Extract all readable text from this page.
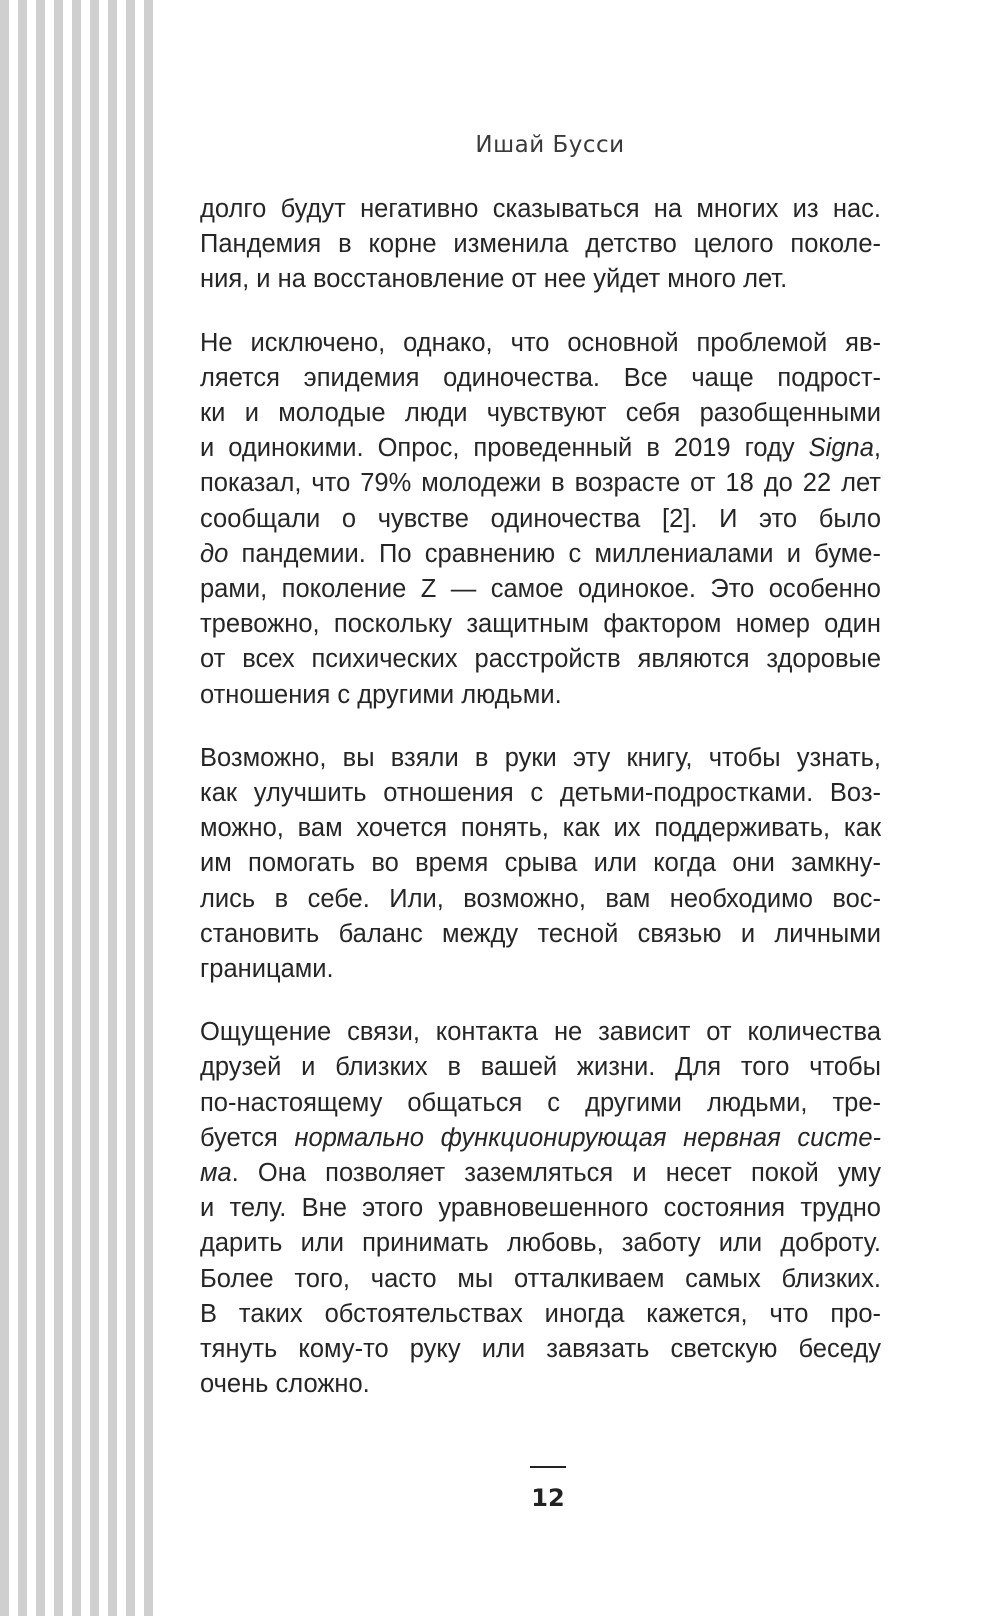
Ишай Бусси
долго будут негативно сказываться на многих из нас.
Пандемия в корне изменила детство целого поколе-
ния, и на восстановление от нее уйдет много лет.
Не исключено, однако, что основной проблемой яв-
ляется эпидемия одиночества. Все чаще подрост-
ки и молодые люди чувствуют себя разобщенными
и одинокими. Опрос, проведенный в 2019 году Signa,
показал, что 79% молодежи в возрасте от 18 до 22 лет
сообщали о чувстве одиночества [2]. И это было
до пандемии. По сравнению с миллениалами и буме-
рами, поколение Z — самое одинокое. Это особенно
тревожно, поскольку защитным фактором номер один
от всех психических расстройств являются здоровые
отношения с другими людьми.
Возможно, вы взяли в руки эту книгу, чтобы узнать,
как улучшить отношения с детьми-подростками. Воз-
можно, вам хочется понять, как их поддерживать, как
им помогать во время срыва или когда они замкну-
лись в себе. Или, возможно, вам необходимо вос-
становить баланс между тесной связью и личными
границами.
Ощущение связи, контакта не зависит от количества
друзей и близких в вашей жизни. Для того чтобы
по-настоящему общаться с другими людьми, тре-
буется нормально функционирующая нервная систе-
ма. Она позволяет заземляться и несет покой уму
и телу. Вне этого уравновешенного состояния трудно
дарить или принимать любовь, заботу или доброту.
Более того, часто мы отталкиваем самых близких.
В таких обстоятельствах иногда кажется, что про-
тянуть кому-то руку или завязать светскую беседу
очень сложно.
12
